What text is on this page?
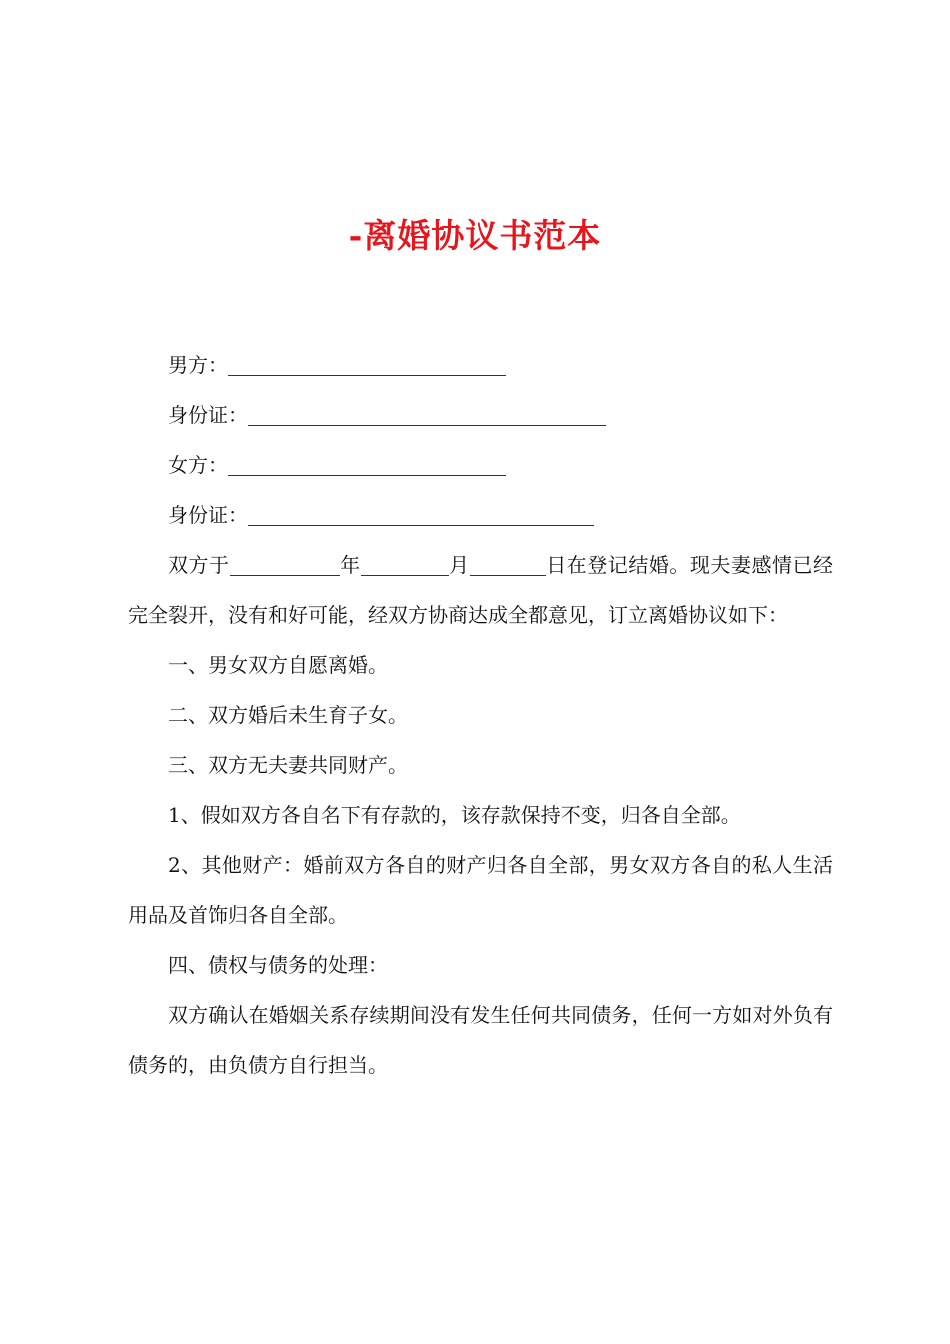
-离婚协议书范本

男方：

身份证：

女方：

身份证：

双方于	年	月	日在登记结婚。现夫妻感情已经完全裂开，没有和好可能，经双方协商达成全都意见，订立离婚协议如下：

一、男女双方自愿离婚。

二、双方婚后未生育子女。

三、双方无夫妻共同财产。

1、假如双方各自名下有存款的，该存款保持不变，归各自全部。

2、其他财产：婚前双方各自的财产归各自全部，男女双方各自的私人生活用品及首饰归各自全部。

四、债权与债务的处理：

双方确认在婚姻关系存续期间没有发生任何共同债务，任何一方如对外负有债务的，由负债方自行担当。
